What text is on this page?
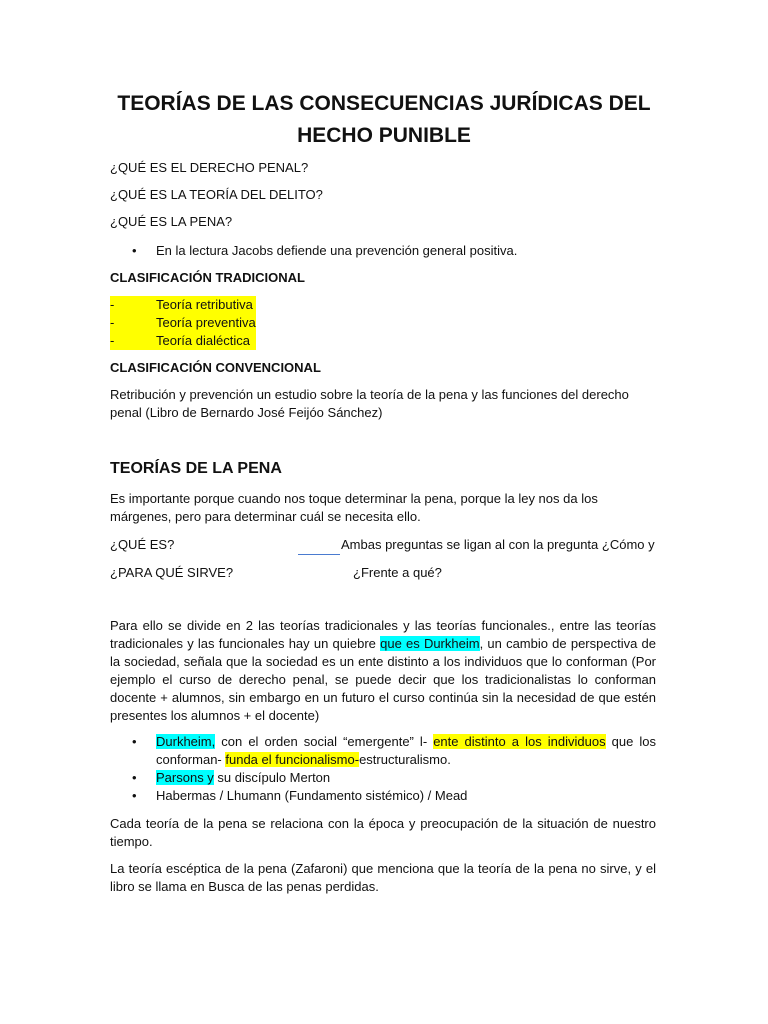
TEORÍAS DE LAS CONSECUENCIAS JURÍDICAS DEL HECHO PUNIBLE
¿QUÉ ES EL DERECHO PENAL?
¿QUÉ ES LA TEORÍA DEL DELITO?
¿QUÉ ES LA PENA?
• En la lectura Jacobs defiende una prevención general positiva.
CLASIFICACIÓN TRADICIONAL
-	Teoría retributiva
-	Teoría preventiva
-	Teoría dialéctica
CLASIFICACIÓN CONVENCIONAL
Retribución y prevención un estudio sobre la teoría de la pena y las funciones del derecho
penal (Libro de Bernardo José Feijóo Sánchez)
TEORÍAS DE LA PENA
Es importante porque cuando nos toque determinar la pena, porque la ley nos da los
márgenes, pero para determinar cuál se necesita ello.
¿QUÉ ES?	Ambas preguntas se ligan al con la pregunta ¿Cómo y
¿PARA QUÉ SIRVE?	¿Frente a qué?
Para ello se divide en 2 las teorías tradicionales y las teorías funcionales., entre las teorías tradicionales y las funcionales hay un quiebre que es Durkheim, un cambio de perspectiva de la sociedad, señala que la sociedad es un ente distinto a los individuos que lo conforman (Por ejemplo el curso de derecho penal, se puede decir que los tradicionalistas lo conforman docente + alumnos, sin embargo en un futuro el curso continúa sin la necesidad de que estén presentes los alumnos + el docente)
• Durkheim, con el orden social “emergente” l- ente distinto a los individuos que los conforman- funda el funcionalismo-estructuralismo.
• Parsons y su discípulo Merton
• Habermas / Lhumann (Fundamento sistémico) / Mead
Cada teoría de la pena se relaciona con la época y preocupación de la situación de nuestro tiempo.
La teoría escéptica de la pena (Zafaroni) que menciona que la teoría de la pena no sirve, y el libro se llama en Busca de las penas perdidas.
